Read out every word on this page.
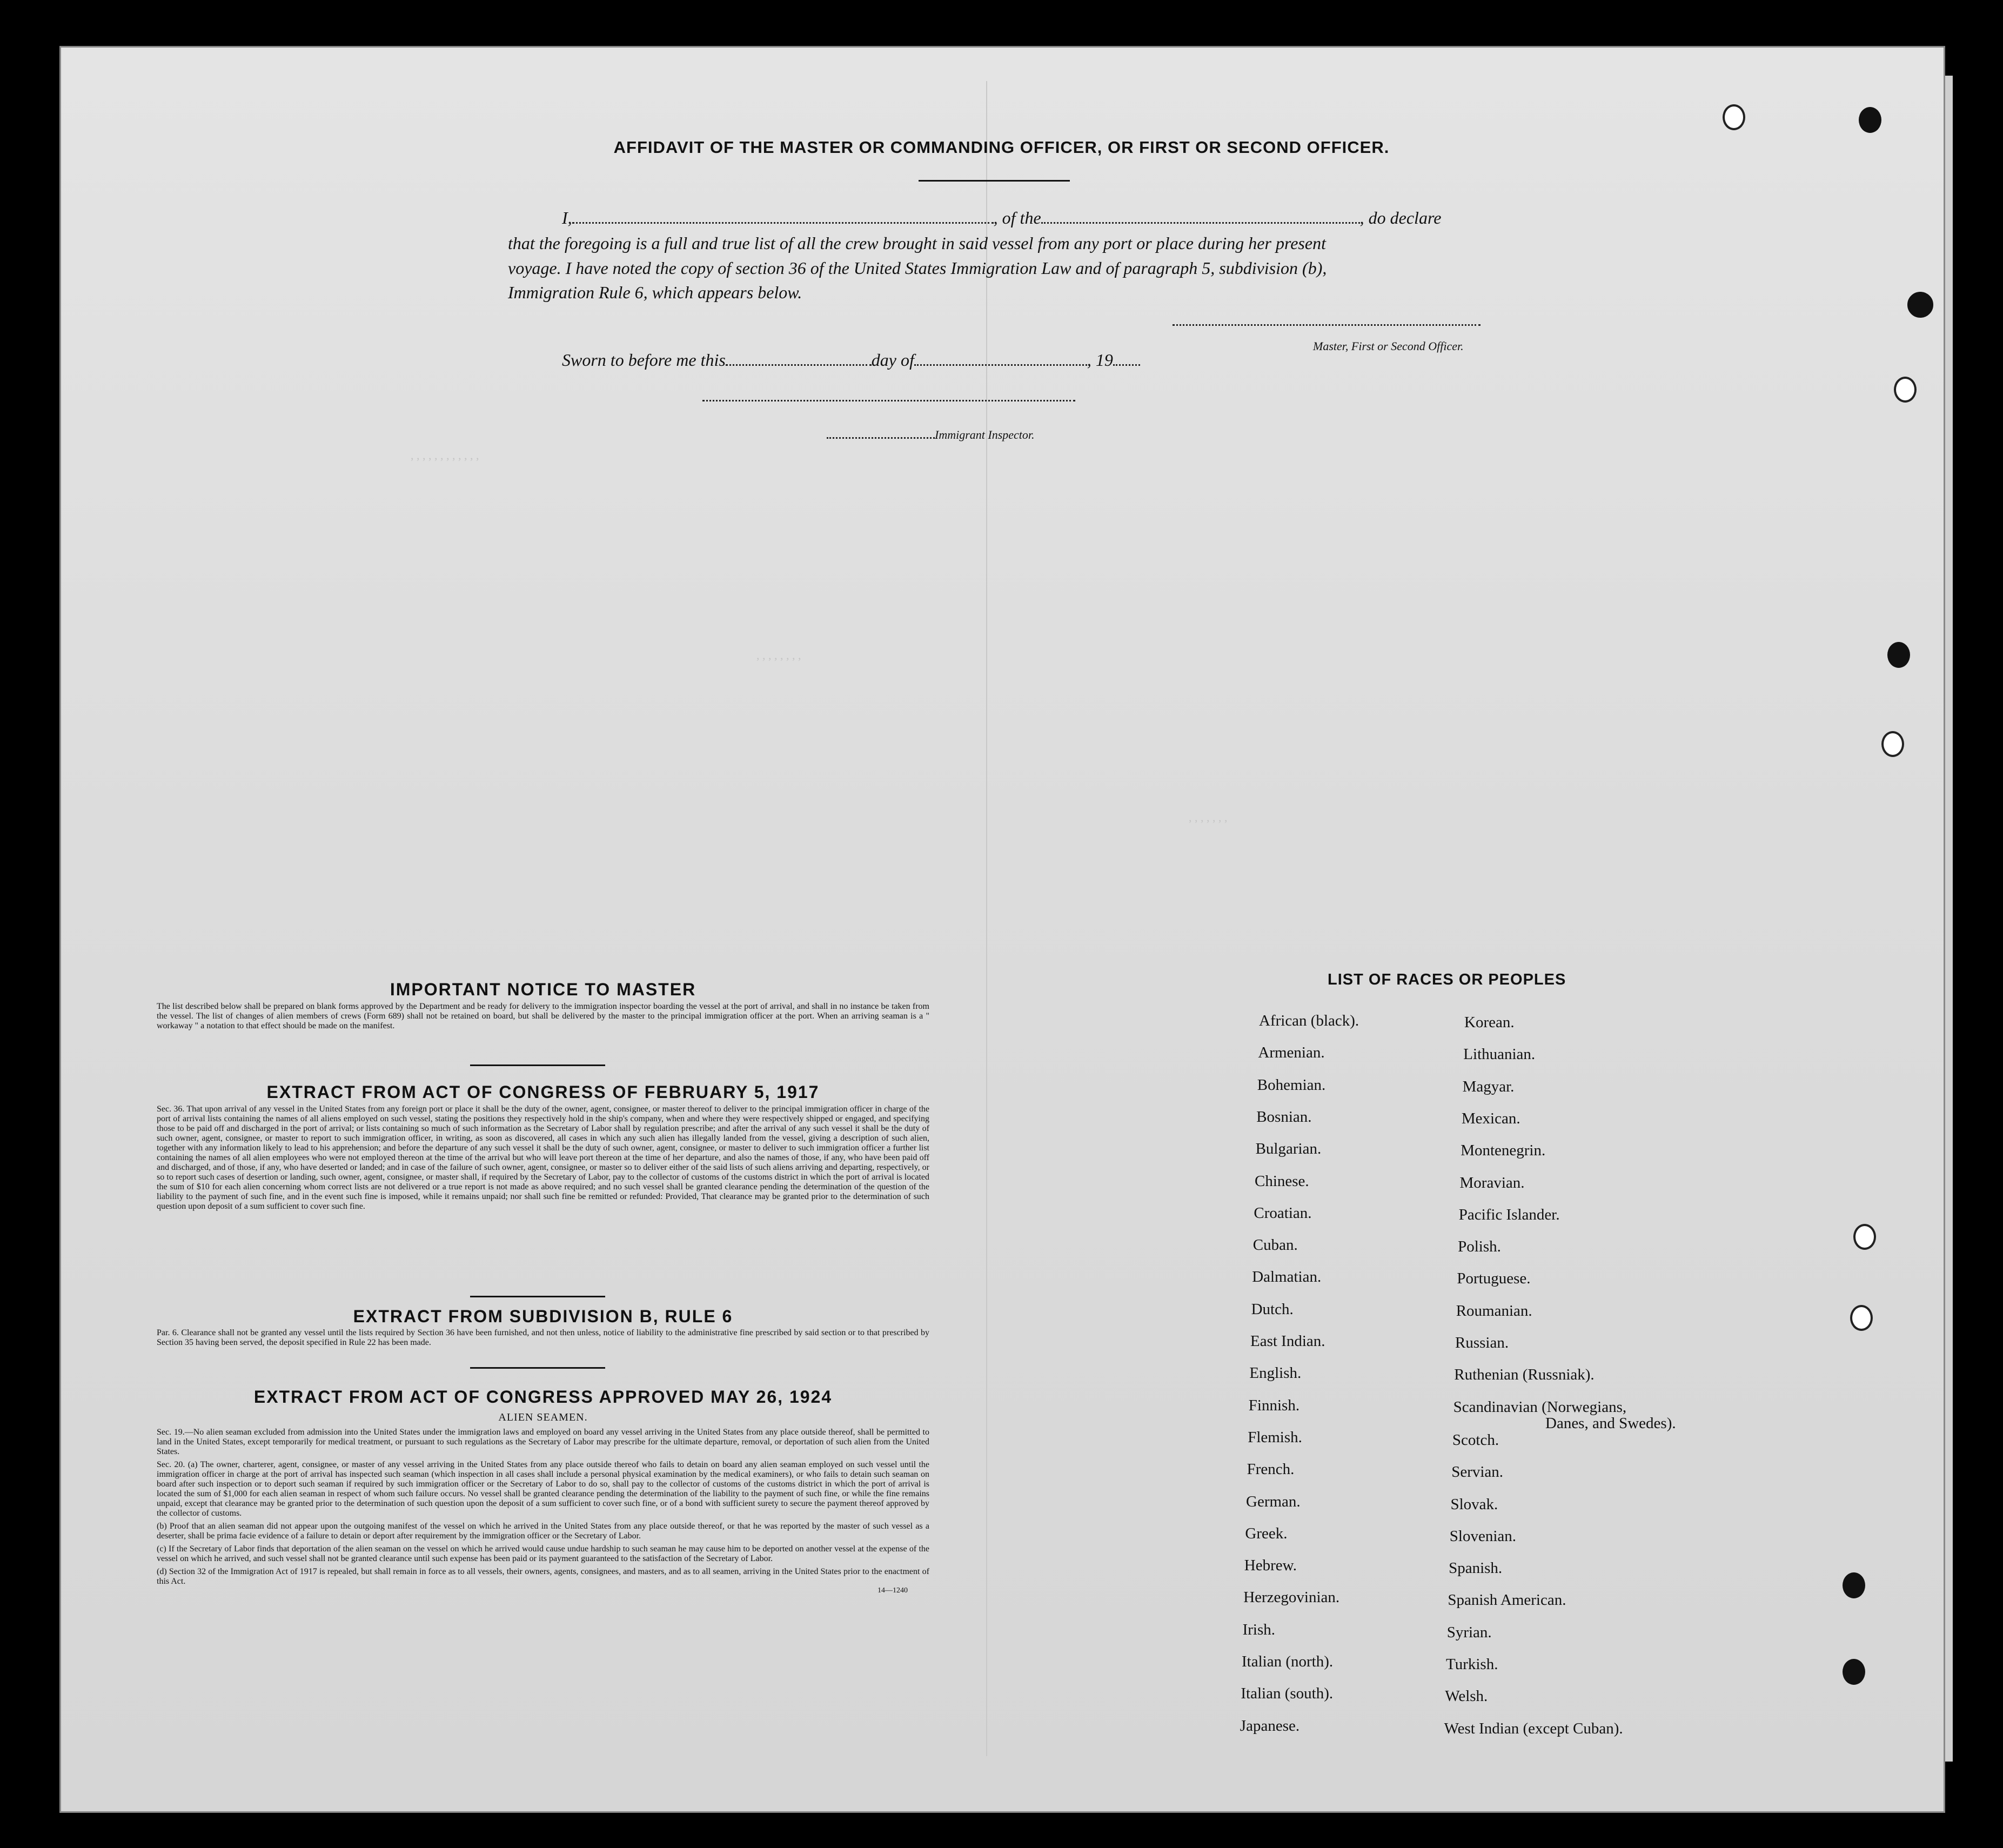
, , , , , , , , , , , ,
, , , , , , , ,
, , , , , , ,
AFFIDAVIT OF THE MASTER OR COMMANDING OFFICER, OR FIRST OR SECOND OFFICER.
I,	, of the	, do declare
that the foregoing is a full and true list of all the crew brought in said vessel from any port or place during her present
voyage. I have noted the copy of section 36 of the United States Immigration Law and of paragraph 5, subdivision (b),
Immigration Rule 6, which appears below.
Master, First or Second Officer.
Sworn to before me this	day of	, 19
Immigrant Inspector.
IMPORTANT NOTICE TO MASTER
The list described below shall be prepared on blank forms approved by the Department and be ready for delivery to the immigration inspector boarding the vessel at the port of arrival, and shall in no instance be taken from the vessel. The list of changes of alien members of crews (Form 689) shall not be retained on board, but shall be delivered by the master to the principal immigration officer at the port. When an arriving seaman is a " workaway " a notation to that effect should be made on the manifest.
EXTRACT FROM ACT OF CONGRESS OF FEBRUARY 5, 1917
Sec. 36. That upon arrival of any vessel in the United States from any foreign port or place it shall be the duty of the owner, agent, consignee, or master thereof to deliver to the principal immigration officer in charge of the port of arrival lists containing the names of all aliens employed on such vessel, stating the positions they respectively hold in the ship's company, when and where they were respectively shipped or engaged, and specifying those to be paid off and discharged in the port of arrival; or lists containing so much of such information as the Secretary of Labor shall by regulation prescribe; and after the arrival of any such vessel it shall be the duty of such owner, agent, consignee, or master to report to such immigration officer, in writing, as soon as discovered, all cases in which any such alien has illegally landed from the vessel, giving a description of such alien, together with any information likely to lead to his apprehension; and before the departure of any such vessel it shall be the duty of such owner, agent, consignee, or master to deliver to such immigration officer a further list containing the names of all alien employees who were not employed thereon at the time of the arrival but who will leave port thereon at the time of her departure, and also the names of those, if any, who have been paid off and discharged, and of those, if any, who have deserted or landed; and in case of the failure of such owner, agent, consignee, or master so to deliver either of the said lists of such aliens arriving and departing, respectively, or so to report such cases of desertion or landing, such owner, agent, consignee, or master shall, if required by the Secretary of Labor, pay to the collector of customs of the customs district in which the port of arrival is located the sum of $10 for each alien concerning whom correct lists are not delivered or a true report is not made as above required; and no such vessel shall be granted clearance pending the determination of the question of the liability to the payment of such fine, and in the event such fine is imposed, while it remains unpaid; nor shall such fine be remitted or refunded: Provided, That clearance may be granted prior to the determination of such question upon deposit of a sum sufficient to cover such fine.
EXTRACT FROM SUBDIVISION B, RULE 6
Par. 6. Clearance shall not be granted any vessel until the lists required by Section 36 have been furnished, and not then unless, notice of liability to the administrative fine prescribed by said section or to that prescribed by Section 35 having been served, the deposit specified in Rule 22 has been made.
EXTRACT FROM ACT OF CONGRESS APPROVED MAY 26, 1924
ALIEN SEAMEN.
Sec. 19.—No alien seaman excluded from admission into the United States under the immigration laws and employed on board any vessel arriving in the United States from any place outside thereof, shall be permitted to land in the United States, except temporarily for medical treatment, or pursuant to such regulations as the Secretary of Labor may prescribe for the ultimate departure, removal, or deportation of such alien from the United States.
Sec. 20. (a) The owner, charterer, agent, consignee, or master of any vessel arriving in the United States from any place outside thereof who fails to detain on board any alien seaman employed on such vessel until the immigration officer in charge at the port of arrival has inspected such seaman (which inspection in all cases shall include a personal physical examination by the medical examiners), or who fails to detain such seaman on board after such inspection or to deport such seaman if required by such immigration officer or the Secretary of Labor to do so, shall pay to the collector of customs of the customs district in which the port of arrival is located the sum of $1,000 for each alien seaman in respect of whom such failure occurs. No vessel shall be granted clearance pending the determination of the liability to the payment of such fine, or while the fine remains unpaid, except that clearance may be granted prior to the determination of such question upon the deposit of a sum sufficient to cover such fine, or of a bond with sufficient surety to secure the payment thereof approved by the collector of customs.
(b) Proof that an alien seaman did not appear upon the outgoing manifest of the vessel on which he arrived in the United States from any place outside thereof, or that he was reported by the master of such vessel as a deserter, shall be prima facie evidence of a failure to detain or deport after requirement by the immigration officer or the Secretary of Labor.
(c) If the Secretary of Labor finds that deportation of the alien seaman on the vessel on which he arrived would cause undue hardship to such seaman he may cause him to be deported on another vessel at the expense of the vessel on which he arrived, and such vessel shall not be granted clearance until such expense has been paid or its payment guaranteed to the satisfaction of the Secretary of Labor.
(d) Section 32 of the Immigration Act of 1917 is repealed, but shall remain in force as to all vessels, their owners, agents, consignees, and masters, and as to all seamen, arriving in the United States prior to the enactment of this Act.
14—1240
LIST OF RACES OR PEOPLES
African (black).
Armenian.
Bohemian.
Bosnian.
Bulgarian.
Chinese.
Croatian.
Cuban.
Dalmatian.
Dutch.
East Indian.
English.
Finnish.
Flemish.
French.
German.
Greek.
Hebrew.
Herzegovinian.
Irish.
Italian (north).
Italian (south).
Japanese.
Korean.
Lithuanian.
Magyar.
Mexican.
Montenegrin.
Moravian.
Pacific Islander.
Polish.
Portuguese.
Roumanian.
Russian.
Ruthenian (Russniak).
Scandinavian (Norwegians,
Scotch.
Servian.
Slovak.
Slovenian.
Spanish.
Spanish American.
Syrian.
Turkish.
Welsh.
West Indian (except Cuban).
Danes, and Swedes).
